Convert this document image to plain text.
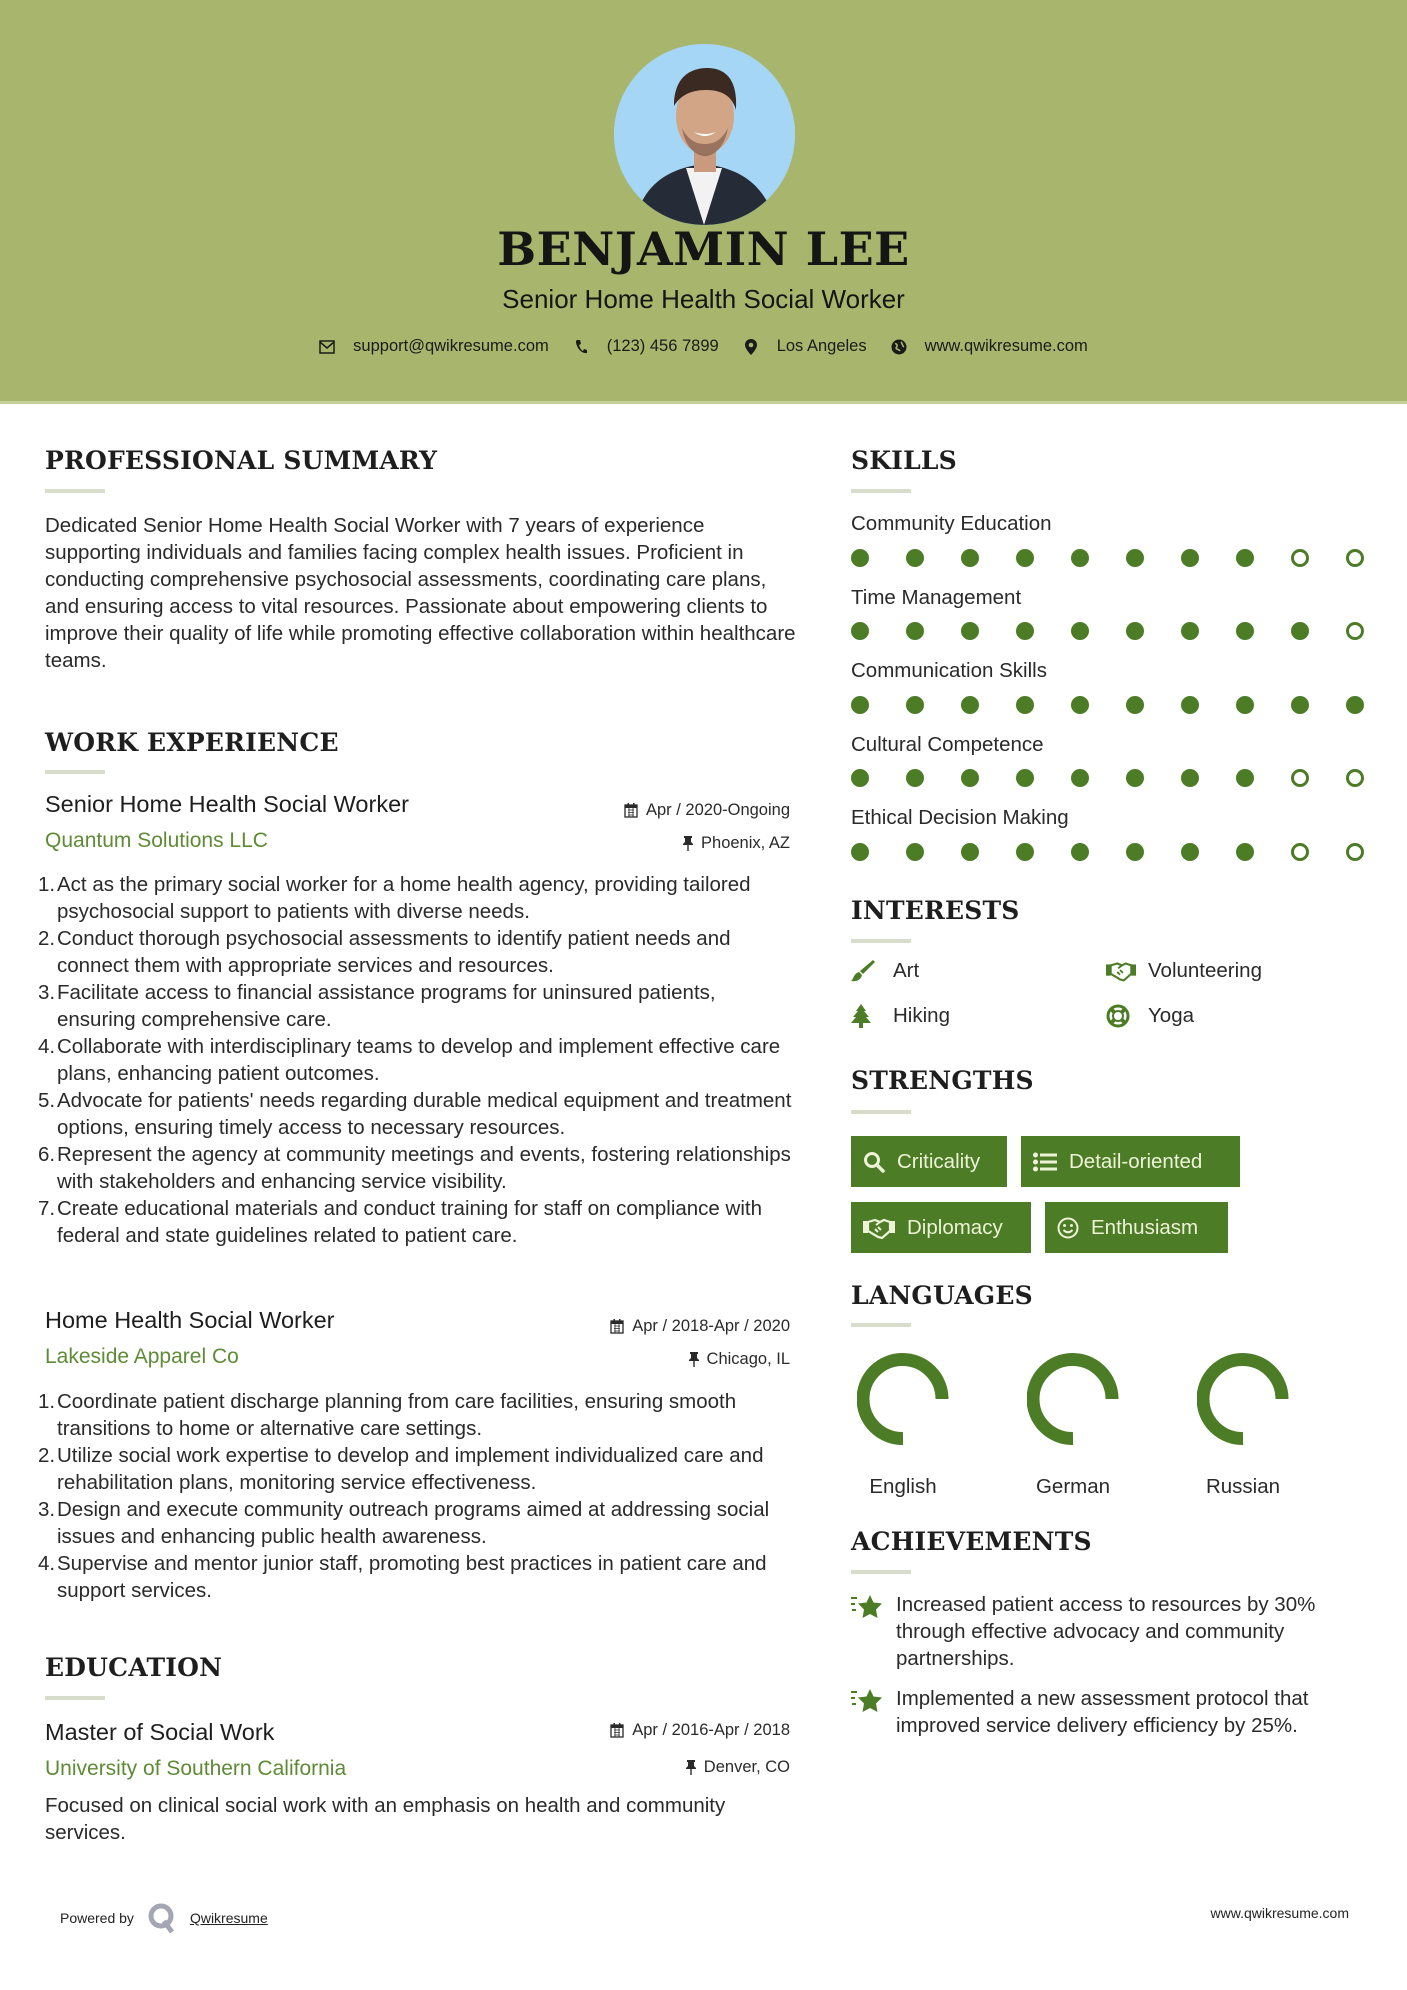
BENJAMIN LEE
Senior Home Health Social Worker
support@qwikresume.com	(123) 456 7899	Los Angeles	www.qwikresume.com
PROFESSIONAL SUMMARY
Dedicated Senior Home Health Social Worker with 7 years of experience supporting individuals and families facing complex health issues. Proficient in conducting comprehensive psychosocial assessments, coordinating care plans, and ensuring access to vital resources. Passionate about empowering clients to improve their quality of life while promoting effective collaboration within healthcare teams.
WORK EXPERIENCE
Senior Home Health Social Worker	Apr / 2020-Ongoing
Quantum Solutions LLC	Phoenix, AZ
1. Act as the primary social worker for a home health agency, providing tailored psychosocial support to patients with diverse needs.
2. Conduct thorough psychosocial assessments to identify patient needs and connect them with appropriate services and resources.
3. Facilitate access to financial assistance programs for uninsured patients, ensuring comprehensive care.
4. Collaborate with interdisciplinary teams to develop and implement effective care plans, enhancing patient outcomes.
5. Advocate for patients' needs regarding durable medical equipment and treatment options, ensuring timely access to necessary resources.
6. Represent the agency at community meetings and events, fostering relationships with stakeholders and enhancing service visibility.
7. Create educational materials and conduct training for staff on compliance with federal and state guidelines related to patient care.
Home Health Social Worker	Apr / 2018-Apr / 2020
Lakeside Apparel Co	Chicago, IL
1. Coordinate patient discharge planning from care facilities, ensuring smooth transitions to home or alternative care settings.
2. Utilize social work expertise to develop and implement individualized care and rehabilitation plans, monitoring service effectiveness.
3. Design and execute community outreach programs aimed at addressing social issues and enhancing public health awareness.
4. Supervise and mentor junior staff, promoting best practices in patient care and support services.
EDUCATION
Master of Social Work	Apr / 2016-Apr / 2018
University of Southern California	Denver, CO
Focused on clinical social work with an emphasis on health and community services.
SKILLS
Community Education
Time Management
Communication Skills
Cultural Competence
Ethical Decision Making
INTERESTS
Art	Volunteering
Hiking	Yoga
STRENGTHS
Criticality	Detail-oriented
Diplomacy	Enthusiasm
LANGUAGES
English	German	Russian
ACHIEVEMENTS
Increased patient access to resources by 30% through effective advocacy and community partnerships.
Implemented a new assessment protocol that improved service delivery efficiency by 25%.
Powered by	Qwikresume	www.qwikresume.com
